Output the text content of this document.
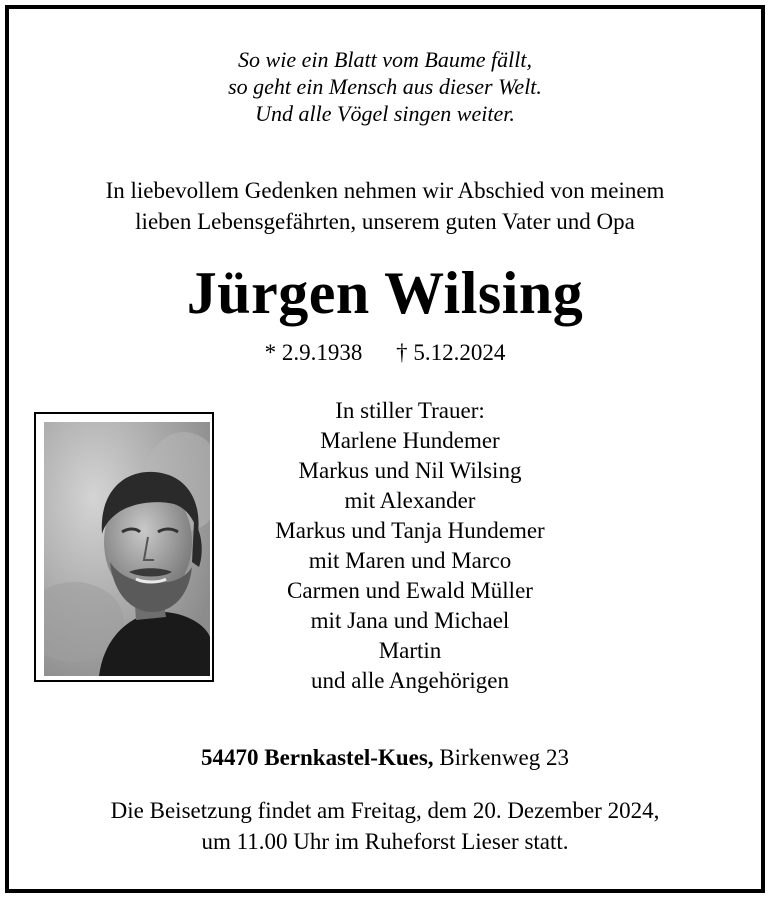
So wie ein Blatt vom Baume fällt,
so geht ein Mensch aus dieser Welt.
Und alle Vögel singen weiter.
In liebevollem Gedenken nehmen wir Abschied von meinem
lieben Lebensgefährten, unserem guten Vater und Opa
Jürgen Wilsing
* 2.9.1938 † 5.12.2024
In stiller Trauer:
Marlene Hundemer
Markus und Nil Wilsing
mit Alexander
Markus und Tanja Hundemer
mit Maren und Marco
Carmen und Ewald Müller
mit Jana und Michael
Martin
und alle Angehörigen
54470 Bernkastel-Kues, Birkenweg 23
Die Beisetzung findet am Freitag, dem 20. Dezember 2024,
um 11.00 Uhr im Ruheforst Lieser statt.
